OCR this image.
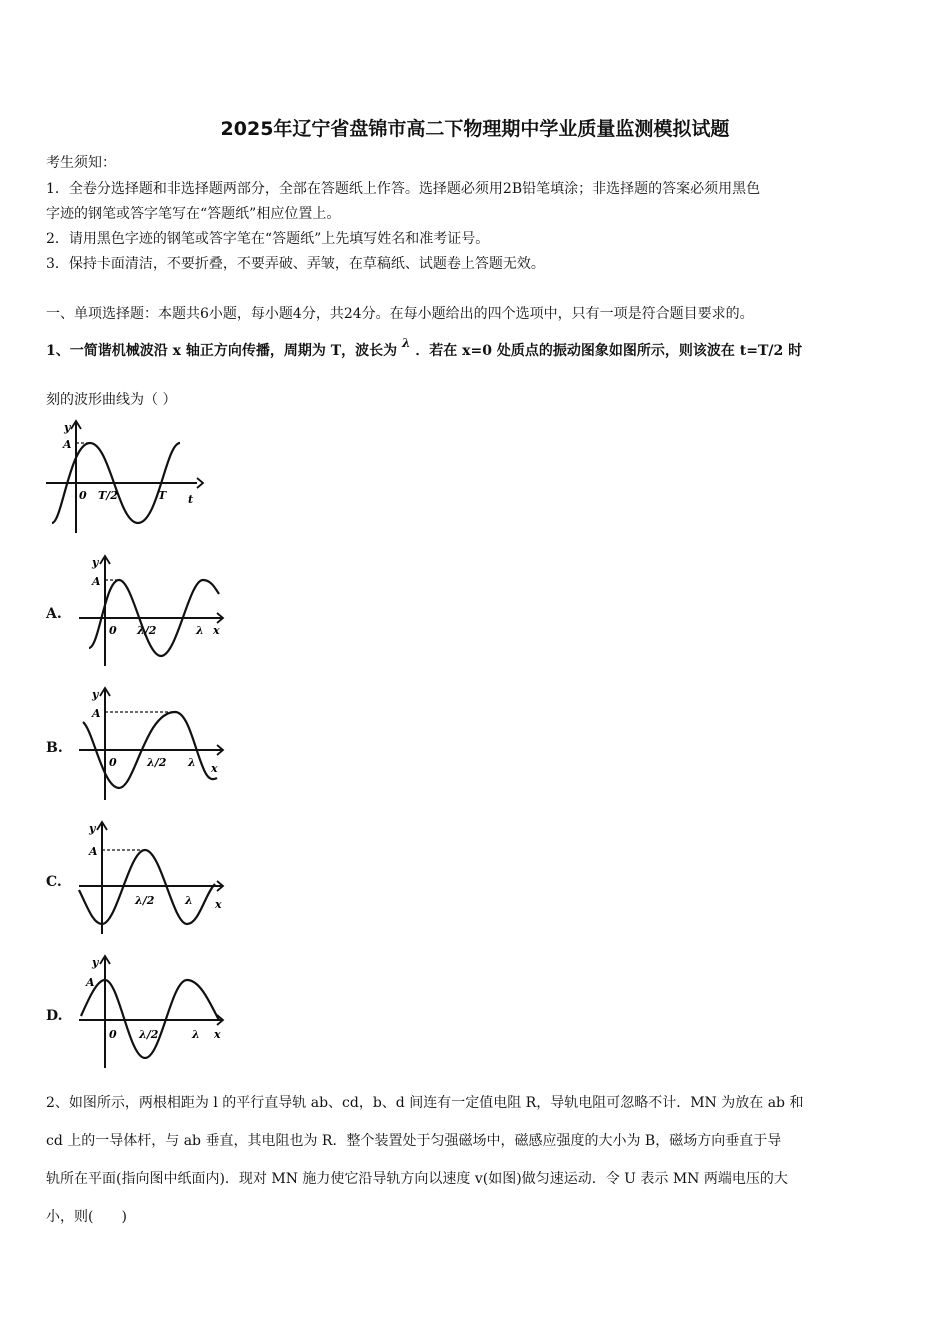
2025年辽宁省盘锦市高二下物理期中学业质量监测模拟试题
考生须知：
1．全卷分选择题和非选择题两部分，全部在答题纸上作答。选择题必须用2B铅笔填涂；非选择题的答案必须用黑色
字迹的钢笔或答字笔写在“答题纸”相应位置上。
2．请用黑色字迹的钢笔或答字笔在“答题纸”上先填写姓名和准考证号。
3．保持卡面清洁，不要折叠，不要弄破、弄皱，在草稿纸、试题卷上答题无效。
一、单项选择题：本题共6小题，每小题4分，共24分。在每小题给出的四个选项中，只有一项是符合题目要求的。
1、一简谐机械波沿 x 轴正方向传播，周期为 T，波长为 λ ．若在 x=0 处质点的振动图象如图所示，则该波在 t=T/2 时
刻的波形曲线为（ ）
y
A
0 T/2	T t
A.
y
A
0 λ/2	λ x
B.
y
A
0	λ/2 λ x
C.
y
A
λ/2	λ x
D.
y
A
0 λ/2	λ x
2、如图所示，两根相距为 l 的平行直导轨 ab、cd，b、d 间连有一定值电阻 R，导轨电阻可忽略不计．MN 为放在 ab 和
cd 上的一导体杆，与 ab 垂直，其电阻也为 R．整个装置处于匀强磁场中，磁感应强度的大小为 B，磁场方向垂直于导
轨所在平面(指向图中纸面内)．现对 MN 施力使它沿导轨方向以速度 v(如图)做匀速运动．令 U 表示 MN 两端电压的大
小，则(　　)
